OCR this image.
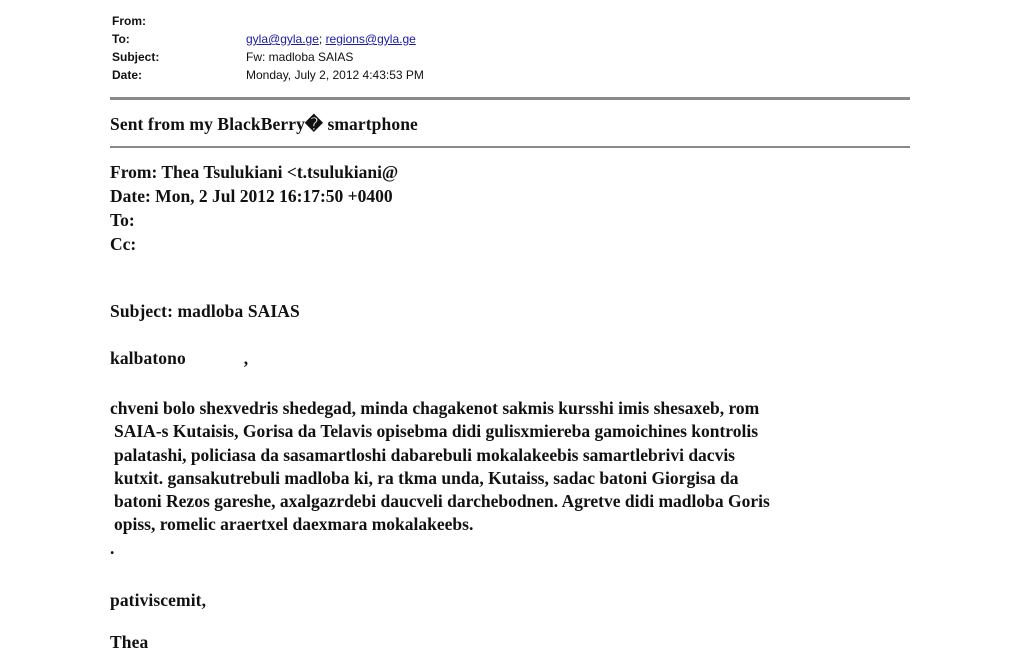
From:
To:	gyla@gyla.ge; regions@gyla.ge
Subject:	Fw: madloba SAIAS
Date:	Monday, July 2, 2012 4:43:53 PM
Sent from my BlackBerry� smartphone
From: Thea Tsulukiani <t.tsulukiani@
Date: Mon, 2 Jul 2012 16:17:50 +0400
To:
Cc:
Subject: madloba SAIAS
kalbatono	,
chveni bolo shexvedris shedegad, minda chagakenot sakmis kursshi imis shesaxeb, rom
SAIA-s Kutaisis, Gorisa da Telavis opisebma didi gulisxmiereba gamoichines kontrolis
palatashi, policiasa da sasamartloshi dabarebuli mokalakeebis samartlebrivi dacvis
kutxit. gansakutrebuli madloba ki, ra tkma unda, Kutaiss, sadac batoni Giorgisa da
batoni Rezos gareshe, axalgazrdebi daucveli darchebodnen. Agretve didi madloba Goris
opiss, romelic araertxel daexmara mokalakeebs.
.
pativiscemit,
Thea
